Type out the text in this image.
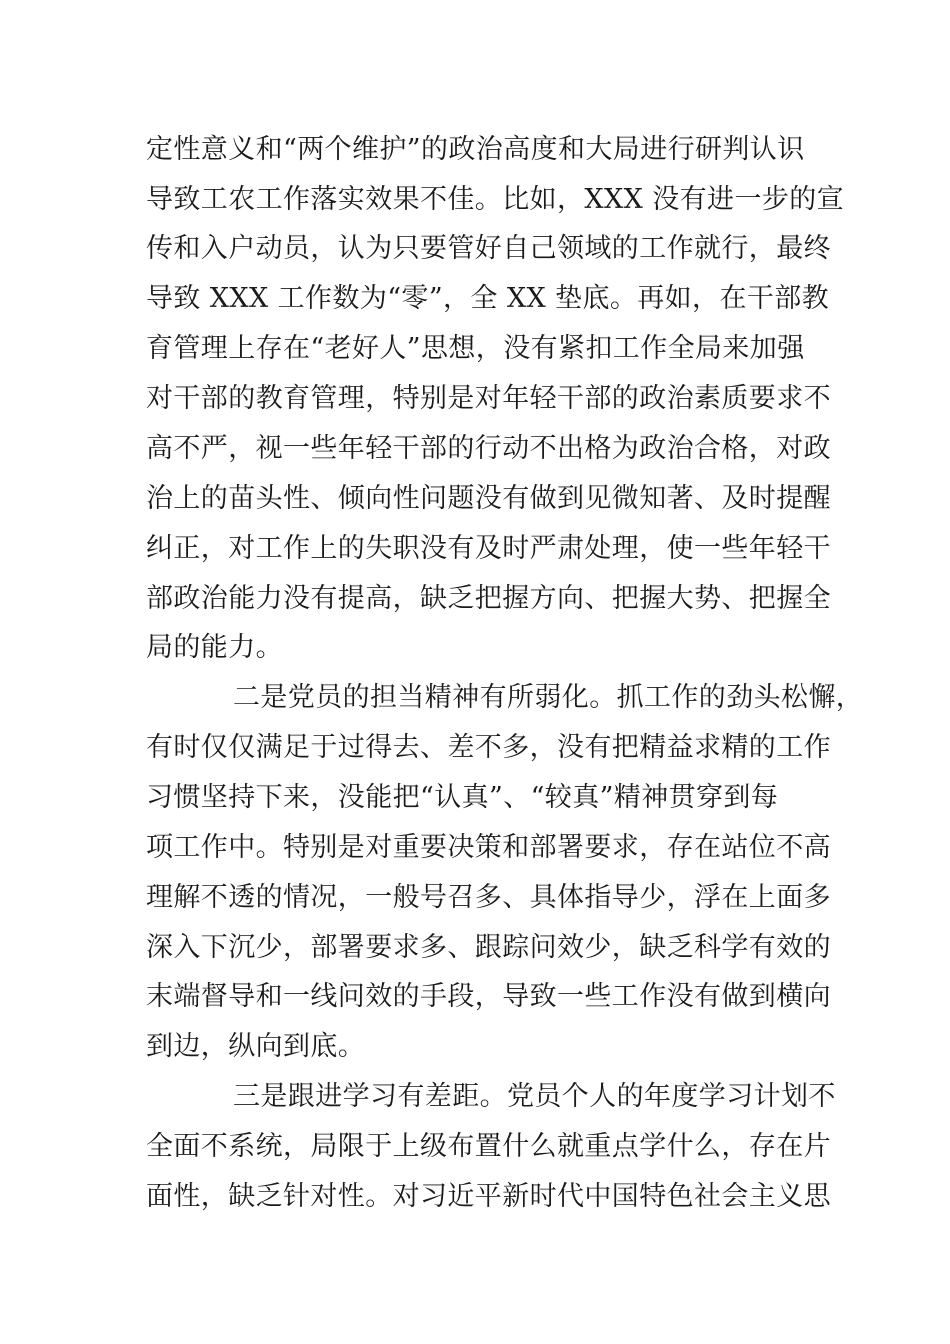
定性意义和“两个维护”的政治高度和大局进行研判认识
导致工农工作落实效果不佳。比如，XXX 没有进一步的宣
传和入户动员，认为只要管好自己领域的工作就行，最终
导致 XXX 工作数为“零”，全 XX 垫底。再如，在干部教
育管理上存在“老好人”思想，没有紧扣工作全局来加强
对干部的教育管理，特别是对年轻干部的政治素质要求不
高不严，视一些年轻干部的行动不出格为政治合格，对政
治上的苗头性、倾向性问题没有做到见微知著、及时提醒
纠正，对工作上的失职没有及时严肃处理，使一些年轻干
部政治能力没有提高，缺乏把握方向、把握大势、把握全
局的能力。
二是党员的担当精神有所弱化。抓工作的劲头松懈，
有时仅仅满足于过得去、差不多，没有把精益求精的工作
习惯坚持下来，没能把“认真”、“较真”精神贯穿到每
项工作中。特别是对重要决策和部署要求，存在站位不高
理解不透的情况，一般号召多、具体指导少，浮在上面多
深入下沉少，部署要求多、跟踪问效少，缺乏科学有效的
末端督导和一线问效的手段，导致一些工作没有做到横向
到边，纵向到底。
三是跟进学习有差距。党员个人的年度学习计划不
全面不系统，局限于上级布置什么就重点学什么，存在片
面性，缺乏针对性。对习近平新时代中国特色社会主义思
